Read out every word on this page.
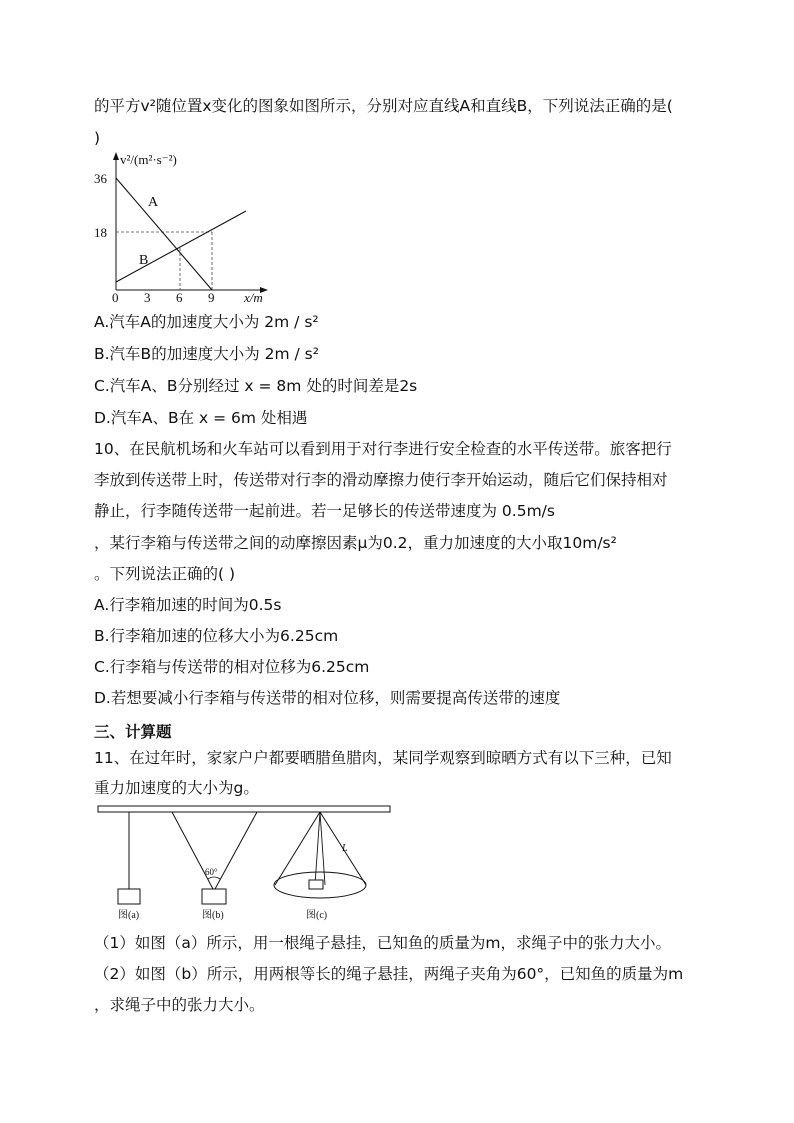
的平方v²随位置x变化的图象如图所示，分别对应直线A和直线B，下列说法正确的是(
)
v²/(m²·s⁻²)
x/m
A
B
36
18
0 3 6 9
A.汽车A的加速度大小为 2m / s²
B.汽车B的加速度大小为 2m / s²
C.汽车A、B分别经过 x = 8m 处的时间差是2s
D.汽车A、B在 x = 6m 处相遇
10、在民航机场和火车站可以看到用于对行李进行安全检查的水平传送带。旅客把行
李放到传送带上时，传送带对行李的滑动摩擦力使行李开始运动，随后它们保持相对
静止，行李随传送带一起前进。若一足够长的传送带速度为 0.5m/s
，某行李箱与传送带之间的动摩擦因素μ为0.2，重力加速度的大小取10m/s²
。下列说法正确的( )
A.行李箱加速的时间为0.5s
B.行李箱加速的位移大小为6.25cm
C.行李箱与传送带的相对位移为6.25cm
D.若想要减小行李箱与传送带的相对位移，则需要提高传送带的速度
三、计算题
11、在过年时，家家户户都要晒腊鱼腊肉，某同学观察到晾晒方式有以下三种，已知
重力加速度的大小为g。
60°
L
图(a)	图(b)	图(c)
（1）如图（a）所示，用一根绳子悬挂，已知鱼的质量为m，求绳子中的张力大小。
（2）如图（b）所示，用两根等长的绳子悬挂，两绳子夹角为60°，已知鱼的质量为m
，求绳子中的张力大小。
